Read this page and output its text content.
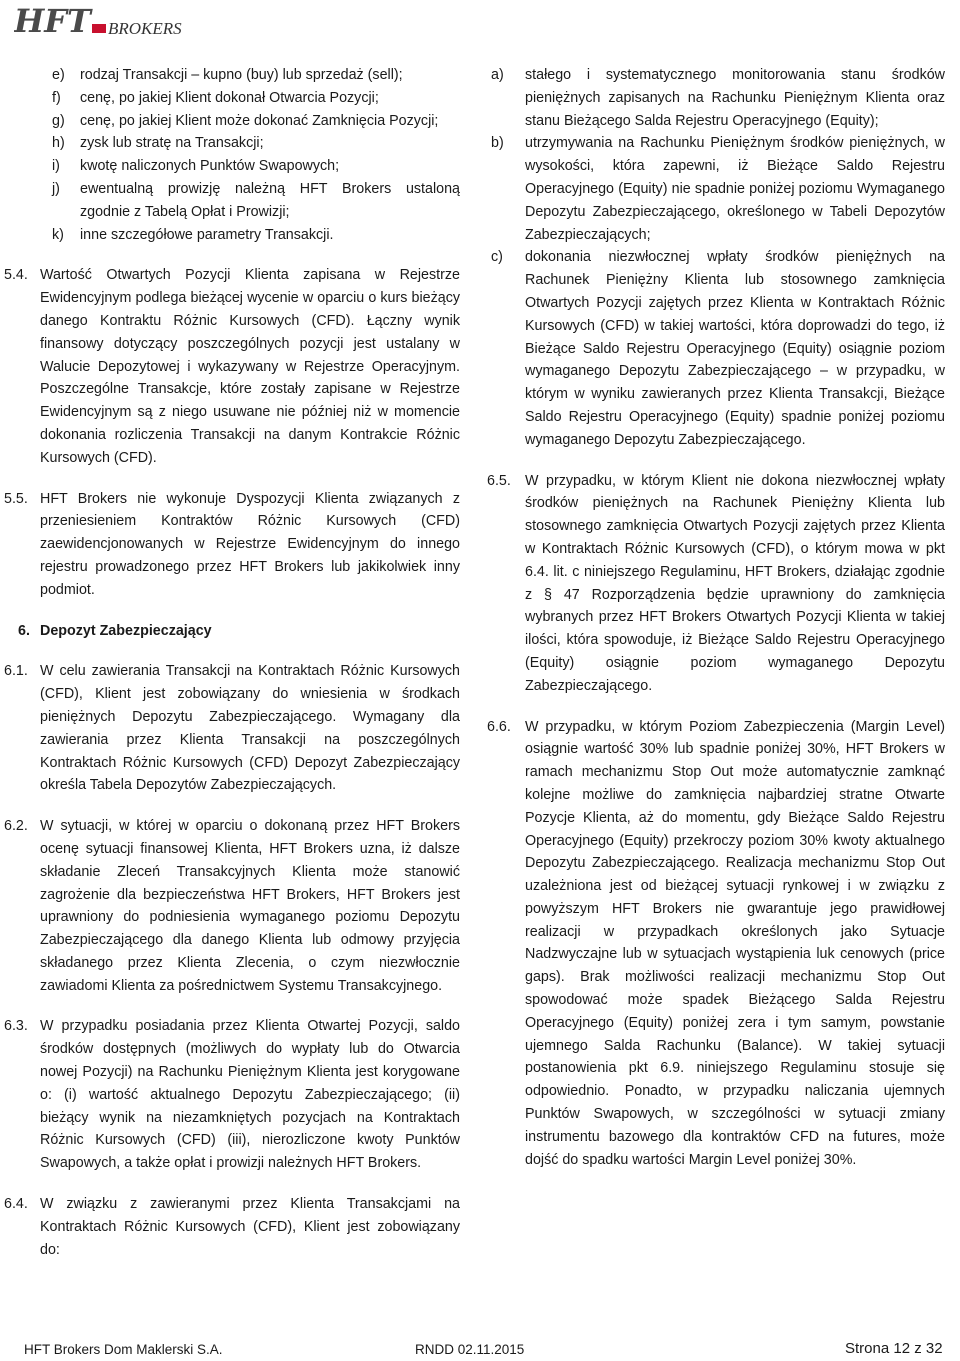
HFT BROKERS
e) rodzaj Transakcji – kupno (buy) lub sprzedaż (sell);
f) cenę, po jakiej Klient dokonał Otwarcia Pozycji;
g) cenę, po jakiej Klient może dokonać Zamknięcia Pozycji;
h) zysk lub stratę na Transakcji;
i) kwotę naliczonych Punktów Swapowych;
j) ewentualną prowizję należną HFT Brokers ustaloną zgodnie z Tabelą Opłat i Prowizji;
k) inne szczegółowe parametry Transakcji.
5.4. Wartość Otwartych Pozycji Klienta zapisana w Rejestrze Ewidencyjnym podlega bieżącej wycenie w oparciu o kurs bieżący danego Kontraktu Różnic Kursowych (CFD). Łączny wynik finansowy dotyczący poszczególnych pozycji jest ustalany w Walucie Depozytowej i wykazywany w Rejestrze Operacyjnym. Poszczególne Transakcje, które zostały zapisane w Rejestrze Ewidencyjnym są z niego usuwane nie później niż w momencie dokonania rozliczenia Transakcji na danym Kontrakcie Różnic Kursowych (CFD).

5.5. HFT Brokers nie wykonuje Dyspozycji Klienta związanych z przeniesieniem Kontraktów Różnic Kursowych (CFD) zaewidencjonowanych w Rejestrze Ewidencyjnym do innego rejestru prowadzonego przez HFT Brokers lub jakikolwiek inny podmiot.

6. Depozyt Zabezpieczający

6.1. W celu zawierania Transakcji na Kontraktach Różnic Kursowych (CFD), Klient jest zobowiązany do wniesienia w środkach pieniężnych Depozytu Zabezpieczającego. Wymagany dla zawierania przez Klienta Transakcji na poszczególnych Kontraktach Różnic Kursowych (CFD) Depozyt Zabezpieczający określa Tabela Depozytów Zabezpieczających.

6.2. W sytuacji, w której w oparciu o dokonaną przez HFT Brokers ocenę sytuacji finansowej Klienta, HFT Brokers uzna, iż dalsze składanie Zleceń Transakcyjnych Klienta może stanowić zagrożenie dla bezpieczeństwa HFT Brokers, HFT Brokers jest uprawniony do podniesienia wymaganego poziomu Depozytu Zabezpieczającego dla danego Klienta lub odmowy przyjęcia składanego przez Klienta Zlecenia, o czym niezwłocznie zawiadomi Klienta za pośrednictwem Systemu Transakcyjnego.

6.3. W przypadku posiadania przez Klienta Otwartej Pozycji, saldo środków dostępnych (możliwych do wypłaty lub do Otwarcia nowej Pozycji) na Rachunku Pieniężnym Klienta jest korygowane o: (i) wartość aktualnego Depozytu Zabezpieczającego; (ii) bieżący wynik na niezamkniętych pozycjach na Kontraktach Różnic Kursowych (CFD) (iii), nierozliczone kwoty Punktów Swapowych, a także opłat i prowizji należnych HFT Brokers.

6.4. W związku z zawieranymi przez Klienta Transakcjami na Kontraktach Różnic Kursowych (CFD), Klient jest zobowiązany do:

a) stałego i systematycznego monitorowania stanu środków pieniężnych zapisanych na Rachunku Pieniężnym Klienta oraz stanu Bieżącego Salda Rejestru Operacyjnego (Equity);
b) utrzymywania na Rachunku Pieniężnym środków pieniężnych, w wysokości, która zapewni, iż Bieżące Saldo Rejestru Operacyjnego (Equity) nie spadnie poniżej poziomu Wymaganego Depozytu Zabezpieczającego, określonego w Tabeli Depozytów Zabezpieczających;
c) dokonania niezwłocznej wpłaty środków pieniężnych na Rachunek Pieniężny Klienta lub stosownego zamknięcia Otwartych Pozycji zajętych przez Klienta w Kontraktach Różnic Kursowych (CFD) w takiej wartości, która doprowadzi do tego, iż Bieżące Saldo Rejestru Operacyjnego (Equity) osiągnie poziom wymaganego Depozytu Zabezpieczającego – w przypadku, w którym w wyniku zawieranych przez Klienta Transakcji, Bieżące Saldo Rejestru Operacyjnego (Equity) spadnie poniżej poziomu wymaganego Depozytu Zabezpieczającego.
6.5. W przypadku, w którym Klient nie dokona niezwłocznej wpłaty środków pieniężnych na Rachunek Pieniężny Klienta lub stosownego zamknięcia Otwartych Pozycji zajętych przez Klienta w Kontraktach Różnic Kursowych (CFD), o którym mowa w pkt 6.4. lit. c niniejszego Regulaminu, HFT Brokers, działając zgodnie z § 47 Rozporządzenia będzie uprawniony do zamknięcia wybranych przez HFT Brokers Otwartych Pozycji Klienta w takiej ilości, która spowoduje, iż Bieżące Saldo Rejestru Operacyjnego (Equity) osiągnie poziom wymaganego Depozytu Zabezpieczającego.

6.6. W przypadku, w którym Poziom Zabezpieczenia (Margin Level) osiągnie wartość 30% lub spadnie poniżej 30%, HFT Brokers w ramach mechanizmu Stop Out może automatycznie zamknąć kolejne możliwe do zamknięcia najbardziej stratne Otwarte Pozycje Klienta, aż do momentu, gdy Bieżące Saldo Rejestru Operacyjnego (Equity) przekroczy poziom 30% kwoty aktualnego Depozytu Zabezpieczającego. Realizacja mechanizmu Stop Out uzależniona jest od bieżącej sytuacji rynkowej i w związku z powyższym HFT Brokers nie gwarantuje jego prawidłowej realizacji w przypadkach określonych jako Sytuacje Nadzwyczajne lub w sytuacjach wystąpienia luk cenowych (price gaps). Brak możliwości realizacji mechanizmu Stop Out spowodować może spadek Bieżącego Salda Rejestru Operacyjnego (Equity) poniżej zera i tym samym, powstanie ujemnego Salda Rachunku (Balance). W takiej sytuacji postanowienia pkt 6.9. niniejszego Regulaminu stosuje się odpowiednio. Ponadto, w przypadku naliczania ujemnych Punktów Swapowych, w szczególności w sytuacji zmiany instrumentu bazowego dla kontraktów CFD na futures, może dojść do spadku wartości Margin Level poniżej 30%.

HFT Brokers Dom Maklerski S.A.	RNDD 02.11.2015	Strona 12 z 32
